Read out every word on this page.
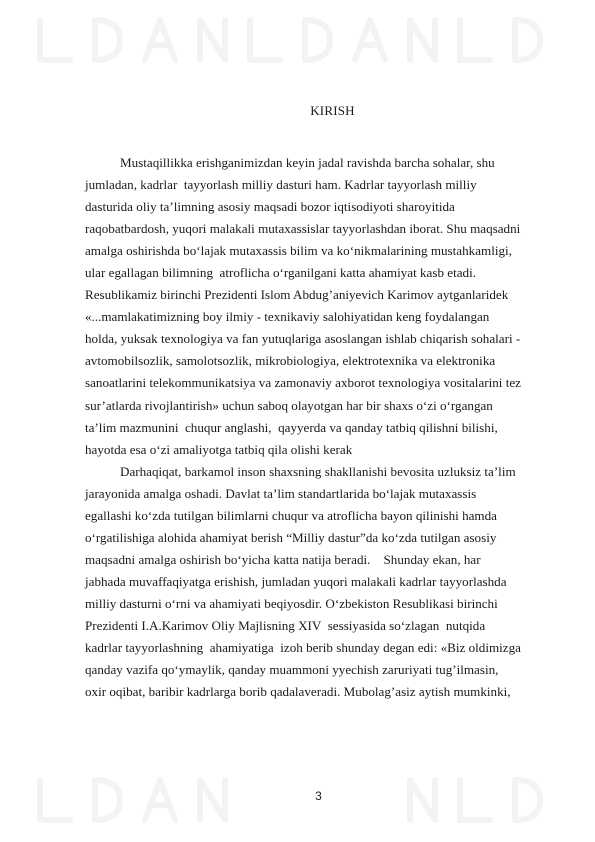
KIRISH
Mustaqillikka erishganimizdan keyin jadal ravishda barcha sohalar, shu
jumladan, kadrlar  tayyorlash milliy dasturi ham. Kadrlar tayyorlash milliy
dasturida oliy ta’limning asosiy maqsadi bozor iqtisodiyoti sharoyitida
raqobatbardosh, yuqori malakali mutaxassislar tayyorlashdan iborat. Shu maqsadni
amalga oshirishda bo‘lajak mutaxassis bilim va ko‘nikmalarining mustahkamligi,
ular egallagan bilimning  atroflicha o‘rganilgani katta ahamiyat kasb etadi.
Resublikamiz birinchi Prezidenti Islom Abdug’aniyevich Karimov aytganlaridek
«...mamlakatimizning boy ilmiy - texnikaviy salohiyatidan keng foydalangan
holda, yuksak texnologiya va fan yutuqlariga asoslangan ishlab chiqarish sohalari -
avtomobilsozlik, samolotsozlik, mikrobiologiya, elektrotexnika va elektronika
sanoatlarini telekommunikatsiya va zamonaviy axborot texnologiya vositalarini tez
sur’atlarda rivojlantirish» uchun saboq olayotgan har bir shaxs o‘zi o‘rgangan
ta’lim mazmunini  chuqur anglashi,  qayyerda va qanday tatbiq qilishni bilishi,
hayotda esa o‘zi amaliyotga tatbiq qila olishi kerak
Darhaqiqat, barkamol inson shaxsning shakllanishi bevosita uzluksiz ta’lim
jarayonida amalga oshadi. Davlat ta’lim standartlarida bo‘lajak mutaxassis
egallashi ko‘zda tutilgan bilimlarni chuqur va atroflicha bayon qilinishi hamda
o‘rgatilishiga alohida ahamiyat berish “Milliy dastur”da ko‘zda tutilgan asosiy
maqsadni amalga oshirish bo‘yicha katta natija beradi.    Shunday ekan, har
jabhada muvaffaqiyatga erishish, jumladan yuqori malakali kadrlar tayyorlashda
milliy dasturni o‘rni va ahamiyati beqiyosdir. O‘zbekiston Resublikasi birinchi
Prezidenti I.A.Karimov Oliy Majlisning XIV  sessiyasida so‘zlagan  nutqida
kadrlar tayyorlashning  ahamiyatiga  izoh berib shunday degan edi: «Biz oldimizga
qanday vazifa qo‘ymaylik, qanday muammoni yyechish zaruriyati tug’ilmasin,
oxir oqibat, baribir kadrlarga borib qadalaveradi. Mubolag’asiz aytish mumkinki,

3
